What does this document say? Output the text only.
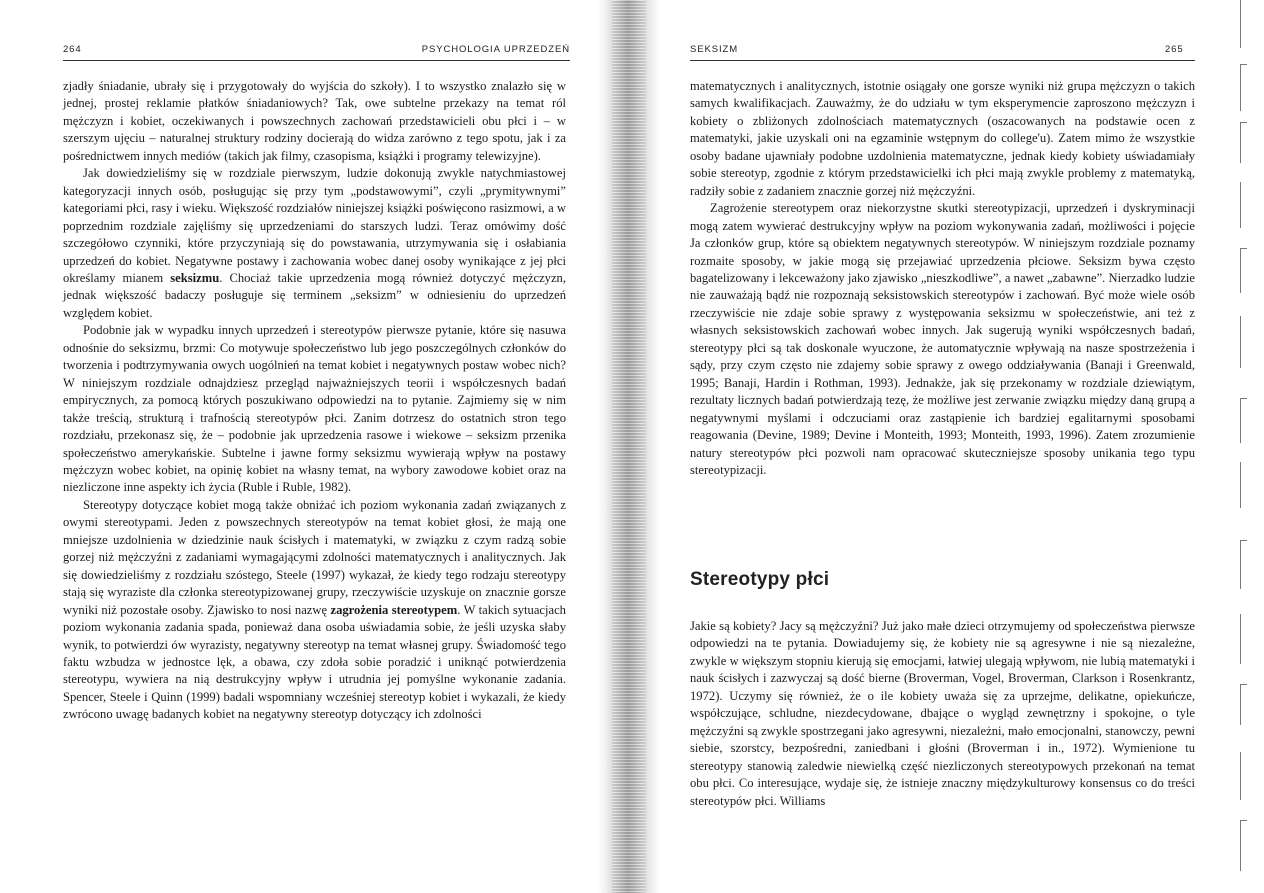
264	PSYCHOLOGIA UPRZEDZEŃ

zjadły śniadanie, ubrały się i przygotowały do wyjścia do szkoły). I to wszystko znalazło się w jednej, prostej reklamie płatków śniadaniowych? Tak, owe subtelne przekazy na temat ról mężczyzn i kobiet, oczekiwanych i powszechnych zachowań przedstawicieli obu płci i – w szerszym ujęciu – naturalnej struktury rodziny docierają do widza zarówno z tego spotu, jak i za pośrednictwem innych mediów (takich jak filmy, czasopisma, książki i programy telewizyjne).

Jak dowiedzieliśmy się w rozdziale pierwszym, ludzie dokonują zwykle natychmiastowej kategoryzacji innych osób, posługując się przy tym „podstawowymi”, czyli „prymitywnymi” kategoriami płci, rasy i wieku. Większość rozdziałów niniejszej książki poświęcono rasizmowi, a w poprzednim rozdziale zajęliśmy się uprzedzeniami do starszych ludzi. Teraz omówimy dość szczegółowo czynniki, które przyczyniają się do powstawania, utrzymywania się i osłabiania uprzedzeń do kobiet. Negatywne postawy i zachowania wobec danej osoby wynikające z jej płci określamy mianem seksizmu. Chociaż takie uprzedzenia mogą również dotyczyć mężczyzn, jednak większość badaczy posługuje się terminem „seksizm” w odniesieniu do uprzedzeń względem kobiet.

Podobnie jak w wypadku innych uprzedzeń i stereotypów pierwsze pytanie, które się nasuwa odnośnie do seksizmu, brzmi: Co motywuje społeczeństwo lub jego poszczególnych członków do tworzenia i podtrzymywania owych uogólnień na temat kobiet i negatywnych postaw wobec nich? W niniejszym rozdziale odnajdziesz przegląd najważniejszych teorii i współczesnych badań empirycznych, za pomocą których poszukiwano odpowiedzi na to pytanie. Zajmiemy się w nim także treścią, strukturą i trafnością stereotypów płci. Zanim dotrzesz do ostatnich stron tego rozdziału, przekonasz się, że – podobnie jak uprzedzenia rasowe i wiekowe – seksizm przenika społeczeństwo amerykańskie. Subtelne i jawne formy seksizmu wywierają wpływ na postawy mężczyzn wobec kobiet, na opinię kobiet na własny temat, na wybory zawodowe kobiet oraz na niezliczone inne aspekty ich życia (Ruble i Ruble, 1982).

Stereotypy dotyczące kobiet mogą także obniżać ich poziom wykonania zadań związanych z owymi stereotypami. Jeden z powszechnych stereotypów na temat kobiet głosi, że mają one mniejsze uzdolnienia w dziedzinie nauk ścisłych i matematyki, w związku z czym radzą sobie gorzej niż mężczyźni z zadaniami wymagającymi zdolności matematycznych i analitycznych. Jak się dowiedzieliśmy z rozdziału szóstego, Steele (1997) wykazał, że kiedy tego rodzaju stereotypy stają się wyraziste dla członka stereotypizowanej grupy, rzeczywiście uzyskuje on znacznie gorsze wyniki niż pozostałe osoby. Zjawisko to nosi nazwę zagrożenia stereotypem. W takich sytuacjach poziom wykonania zadania spada, ponieważ dana osoba uświadamia sobie, że jeśli uzyska słaby wynik, to potwierdzi ów wyrazisty, negatywny stereotyp na temat własnej grupy. Świadomość tego faktu wzbudza w jednostce lęk, a obawa, czy zdoła sobie poradzić i uniknąć potwierdzenia stereotypu, wywiera na nią destrukcyjny wpływ i utrudnia jej pomyślne wykonanie zadania. Spencer, Steele i Quinn (1999) badali wspomniany wcześniej stereotyp kobiet i wykazali, że kiedy zwrócono uwagę badanych kobiet na negatywny stereotyp dotyczący ich zdolności

SEKSIZM	265

matematycznych i analitycznych, istotnie osiągały one gorsze wyniki niż grupa mężczyzn o takich samych kwalifikacjach. Zauważmy, że do udziału w tym eksperymencie zaproszono mężczyzn i kobiety o zbliżonych zdolnościach matematycznych (oszacowanych na podstawie ocen z matematyki, jakie uzyskali oni na egzaminie wstępnym do college'u). Zatem mimo że wszystkie osoby badane ujawniały podobne uzdolnienia matematyczne, jednak kiedy kobiety uświadamiały sobie stereotyp, zgodnie z którym przedstawicielki ich płci mają zwykle problemy z matematyką, radziły sobie z zadaniem znacznie gorzej niż mężczyźni.

Zagrożenie stereotypem oraz niekorzystne skutki stereotypizacji, uprzedzeń i dyskryminacji mogą zatem wywierać destrukcyjny wpływ na poziom wykonywania zadań, możliwości i pojęcie Ja członków grup, które są obiektem negatywnych stereotypów. W niniejszym rozdziale poznamy rozmaite sposoby, w jakie mogą się przejawiać uprzedzenia płciowe. Seksizm bywa często bagatelizowany i lekceważony jako zjawisko „nieszkodliwe”, a nawet „zabawne”. Nierzadko ludzie nie zauważają bądź nie rozpoznają seksistowskich stereotypów i zachowań. Być może wiele osób rzeczywiście nie zdaje sobie sprawy z występowania seksizmu w społeczeństwie, ani też z własnych seksistowskich zachowań wobec innych. Jak sugerują wyniki współczesnych badań, stereotypy płci są tak doskonale wyuczone, że automatycznie wpływają na nasze spostrzeżenia i sądy, przy czym często nie zdajemy sobie sprawy z owego oddziaływania (Banaji i Greenwald, 1995; Banaji, Hardin i Rothman, 1993). Jednakże, jak się przekonamy w rozdziale dziewiątym, rezultaty licznych badań potwierdzają tezę, że możliwe jest zerwanie związku między daną grupą a negatywnymi myślami i odczuciami oraz zastąpienie ich bardziej egalitarnymi sposobami reagowania (Devine, 1989; Devine i Monteith, 1993; Monteith, 1993, 1996). Zatem zrozumienie natury stereotypów płci pozwoli nam opracować skuteczniejsze sposoby unikania tego typu stereotypizacji.

Stereotypy płci

Jakie są kobiety? Jacy są mężczyźni? Już jako małe dzieci otrzymujemy od społeczeństwa pierwsze odpowiedzi na te pytania. Dowiadujemy się, że kobiety nie są agresywne i nie są niezależne, zwykle w większym stopniu kierują się emocjami, łatwiej ulegają wpływom, nie lubią matematyki i nauk ścisłych i zazwyczaj są dość bierne (Broverman, Vogel, Broverman, Clarkson i Rosenkrantz, 1972). Uczymy się również, że o ile kobiety uważa się za uprzejme, delikatne, opiekuńcze, współczujące, schludne, niezdecydowane, dbające o wygląd zewnętrzny i spokojne, o tyle mężczyźni są zwykle spostrzegani jako agresywni, niezależni, mało emocjonalni, stanowczy, pewni siebie, szorstcy, bezpośredni, zaniedbani i głośni (Broverman i in., 1972). Wymienione tu stereotypy stanowią zaledwie niewielką część niezliczonych stereotypowych przekonań na temat obu płci. Co interesujące, wydaje się, że istnieje znaczny międzykulturowy konsensus co do treści stereotypów płci. Williams
